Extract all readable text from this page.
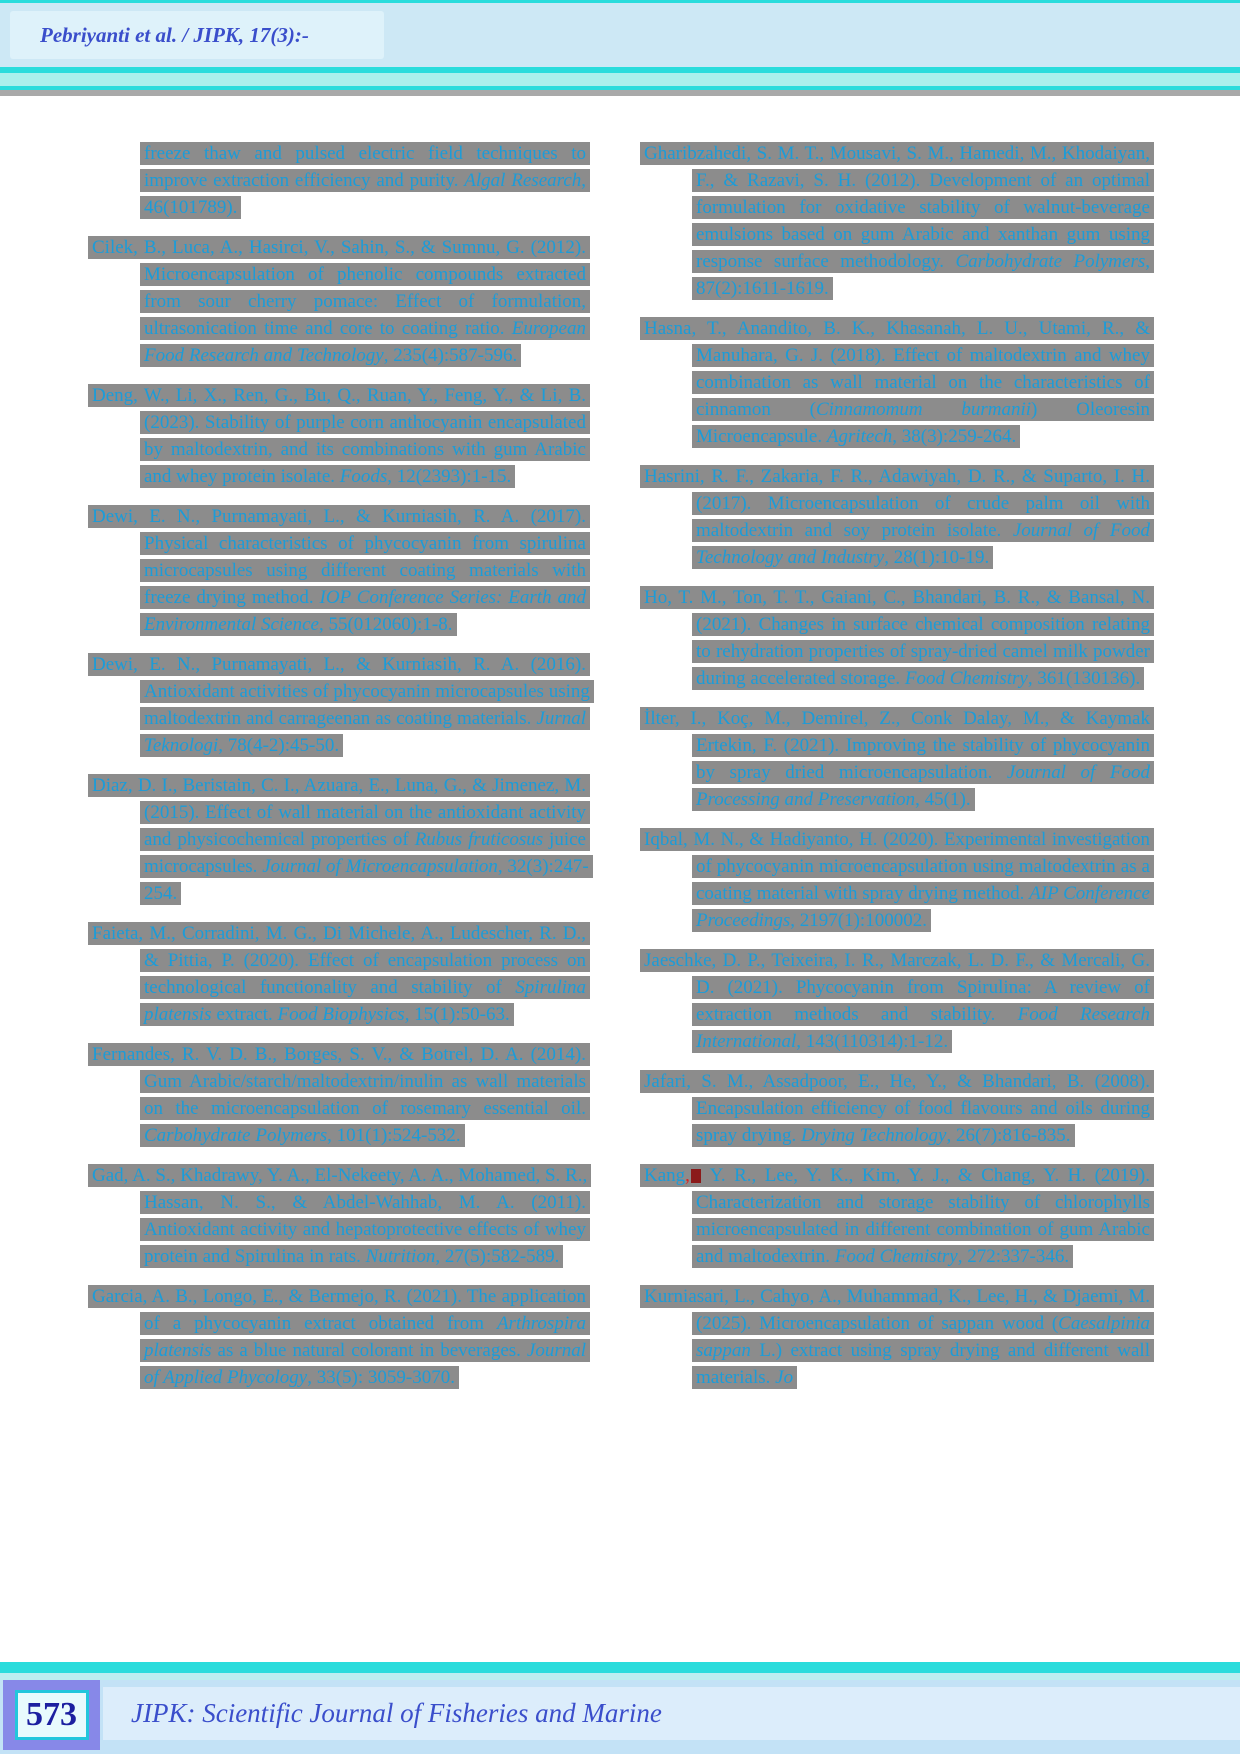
Pebriyanti et al. / JIPK, 17(3):-

freeze thaw and pulsed electric field techniques to improve extraction efficiency and purity. Algal Research, 46(101789).

Cilek, B., Luca, A., Hasirci, V., Sahin, S., & Sumnu, G. (2012). Microencapsulation of phenolic compounds extracted from sour cherry pomace: Effect of formulation, ultrasonication time and core to coating ratio. European Food Research and Technology, 235(4):587-596.

Deng, W., Li, X., Ren, G., Bu, Q., Ruan, Y., Feng, Y., & Li, B. (2023). Stability of purple corn anthocyanin encapsulated by maltodextrin, and its combinations with gum Arabic and whey protein isolate. Foods, 12(2393):1-15.

Dewi, E. N., Purnamayati, L., & Kurniasih, R. A. (2017). Physical characteristics of phycocyanin from spirulina microcapsules using different coating materials with freeze drying method. IOP Conference Series: Earth and Environmental Science, 55(012060):1-8.

Dewi, E. N., Purnamayati, L., & Kurniasih, R. A. (2016). Antioxidant activities of phycocyanin microcapsules using maltodextrin and carrageenan as coating materials. Jurnal Teknologi, 78(4-2):45-50.

Diaz, D. I., Beristain, C. I., Azuara, E., Luna, G., & Jimenez, M. (2015). Effect of wall material on the antioxidant activity and physicochemical properties of Rubus fruticosus juice microcapsules. Journal of Microencapsulation, 32(3):247-254.

Faieta, M., Corradini, M. G., Di Michele, A., Ludescher, R. D., & Pittia, P. (2020). Effect of encapsulation process on technological functionality and stability of Spirulina platensis extract. Food Biophysics, 15(1):50-63.

Fernandes, R. V. D. B., Borges, S. V., & Botrel, D. A. (2014). Gum Arabic/starch/maltodextrin/inulin as wall materials on the microencapsulation of rosemary essential oil. Carbohydrate Polymers, 101(1):524-532.

Gad, A. S., Khadrawy, Y. A., El-Nekeety, A. A., Mohamed, S. R., Hassan, N. S., & Abdel-Wahhab, M. A. (2011). Antioxidant activity and hepatoprotective effects of whey protein and Spirulina in rats. Nutrition, 27(5):582-589.

Garcia, A. B., Longo, E., & Bermejo, R. (2021). The application of a phycocyanin extract obtained from Arthrospira platensis as a blue natural colorant in beverages. Journal of Applied Phycology, 33(5): 3059-3070.

Gharibzahedi, S. M. T., Mousavi, S. M., Hamedi, M., Khodaiyan, F., & Razavi, S. H. (2012). Development of an optimal formulation for oxidative stability of walnut-beverage emulsions based on gum Arabic and xanthan gum using response surface methodology. Carbohydrate Polymers, 87(2):1611-1619.

Hasna, T., Anandito, B. K., Khasanah, L. U., Utami, R., & Manuhara, G. J. (2018). Effect of maltodextrin and whey combination as wall material on the characteristics of cinnamon (Cinnamomum burmanii) Oleoresin Microencapsule. Agritech, 38(3):259-264.

Hasrini, R. F., Zakaria, F. R., Adawiyah, D. R., & Suparto, I. H. (2017). Microencapsulation of crude palm oil with maltodextrin and soy protein isolate. Journal of Food Technology and Industry, 28(1):10-19.

Ho, T. M., Ton, T. T., Gaiani, C., Bhandari, B. R., & Bansal, N. (2021). Changes in surface chemical composition relating to rehydration properties of spray-dried camel milk powder during accelerated storage. Food Chemistry, 361(130136).

İlter, I., Koç, M., Demirel, Z., Conk Dalay, M., & Kaymak Ertekin, F. (2021). Improving the stability of phycocyanin by spray dried microencapsulation. Journal of Food Processing and Preservation, 45(1).

Iqbal, M. N., & Hadiyanto, H. (2020). Experimental investigation of phycocyanin microencapsulation using maltodextrin as a coating material with spray drying method. AIP Conference Proceedings, 2197(1):100002.

Jaeschke, D. P., Teixeira, I. R., Marczak, L. D. F., & Mercali, G. D. (2021). Phycocyanin from Spirulina: A review of extraction methods and stability. Food Research International, 143(110314):1-12.

Jafari, S. M., Assadpoor, E., He, Y., & Bhandari, B. (2008). Encapsulation efficiency of food flavours and oils during spray drying. Drying Technology, 26(7):816-835.

Kang, Y. R., Lee, Y. K., Kim, Y. J., & Chang, Y. H. (2019). Characterization and storage stability of chlorophylls microencapsulated in different combination of gum Arabic and maltodextrin. Food Chemistry, 272:337-346.

Kurniasari, L., Cahyo, A., Muhammad, K., Lee, H., & Djaemi, M. (2025). Microencapsulation of sappan wood (Caesalpinia sappan L.) extract using spray drying and different wall materials. Jo

573	JIPK: Scientific Journal of Fisheries and Marine
